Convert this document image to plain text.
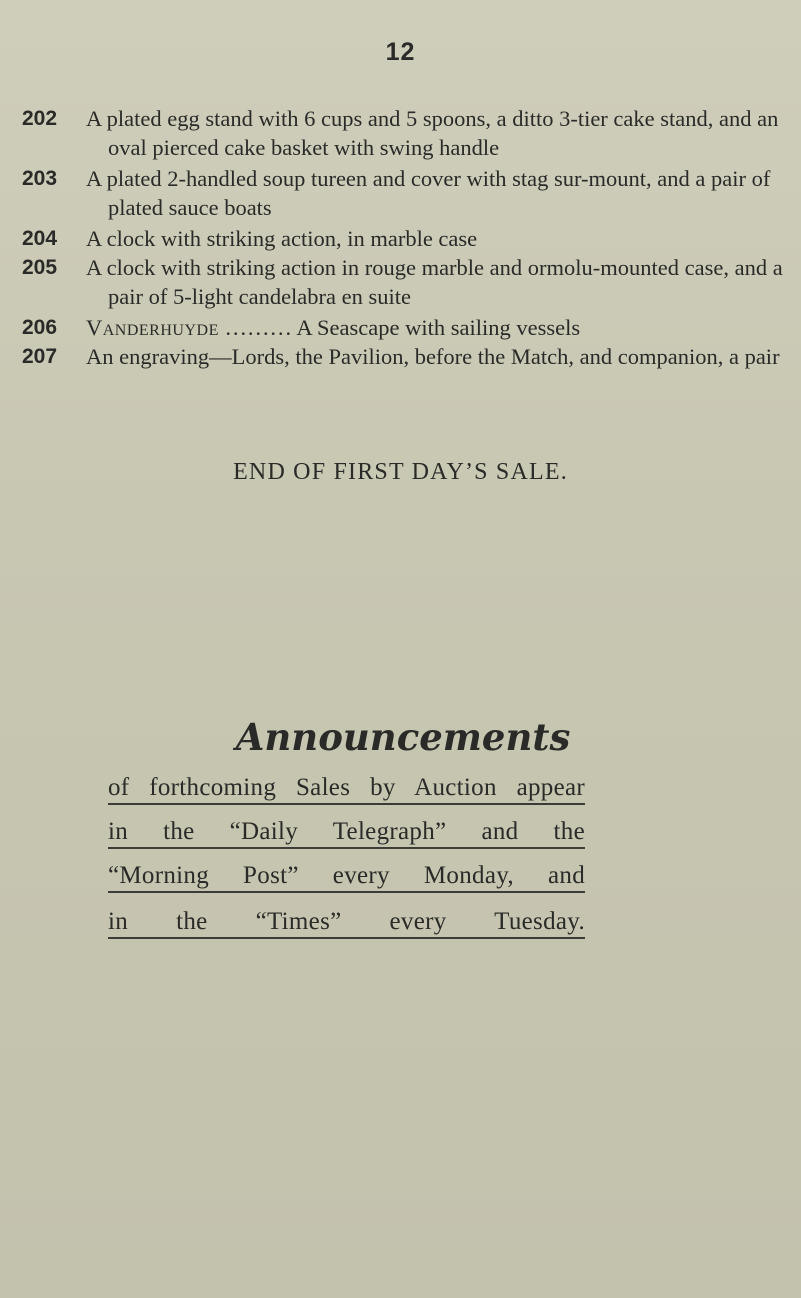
12
202 A plated egg stand with 6 cups and 5 spoons, a ditto 3-tier cake stand, and an oval pierced cake basket with swing handle
203 A plated 2-handled soup tureen and cover with stag sur-mount, and a pair of plated sauce boats
204 A clock with striking action, in marble case
205 A clock with striking action in rouge marble and ormolu-mounted case, and a pair of 5-light candelabra en suite
206 Vanderhuyde ……… A Seascape with sailing vessels
207 An engraving—Lords, the Pavilion, before the Match, and companion, a pair
END OF FIRST DAY’S SALE.
Announcements
of forthcoming Sales by Auction appear
in the “Daily Telegraph” and the
“Morning Post” every Monday, and
in the “Times” every Tuesday.
